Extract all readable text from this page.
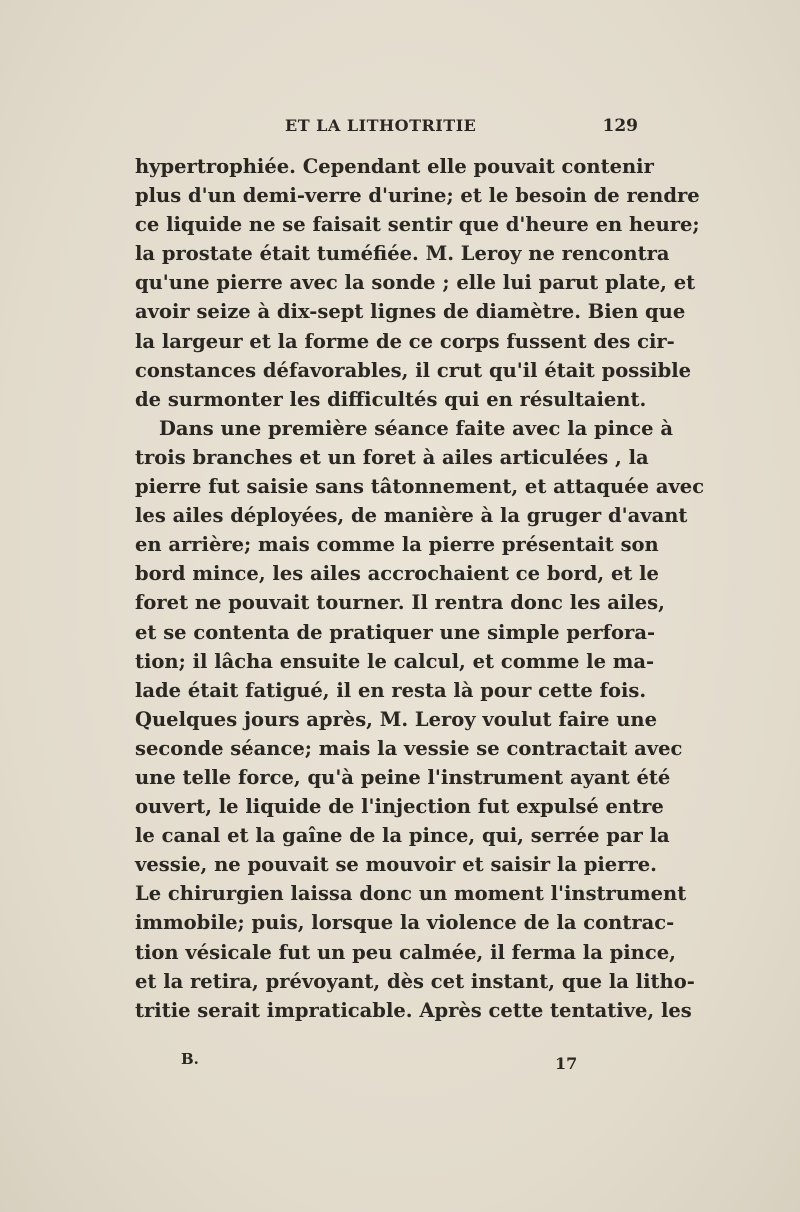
ET LA LITHOTRITIE	129
hypertrophiée. Cependant elle pouvait contenir
plus d'un demi-verre d'urine; et le besoin de rendre
ce liquide ne se faisait sentir que d'heure en heure;
la prostate était tuméfiée. M. Leroy ne rencontra
qu'une pierre avec la sonde ; elle lui parut plate, et
avoir seize à dix-sept lignes de diamètre. Bien que
la largeur et la forme de ce corps fussent des cir-
constances défavorables, il crut qu'il était possible
de surmonter les difficultés qui en résultaient.
Dans une première séance faite avec la pince à
trois branches et un foret à ailes articulées , la
pierre fut saisie sans tâtonnement, et attaquée avec
les ailes déployées, de manière à la gruger d'avant
en arrière; mais comme la pierre présentait son
bord mince, les ailes accrochaient ce bord, et le
foret ne pouvait tourner. Il rentra donc les ailes,
et se contenta de pratiquer une simple perfora-
tion; il lâcha ensuite le calcul, et comme le ma-
lade était fatigué, il en resta là pour cette fois.
Quelques jours après, M. Leroy voulut faire une
seconde séance; mais la vessie se contractait avec
une telle force, qu'à peine l'instrument ayant été
ouvert, le liquide de l'injection fut expulsé entre
le canal et la gaîne de la pince, qui, serrée par la
vessie, ne pouvait se mouvoir et saisir la pierre.
Le chirurgien laissa donc un moment l'instrument
immobile; puis, lorsque la violence de la contrac-
tion vésicale fut un peu calmée, il ferma la pince,
et la retira, prévoyant, dès cet instant, que la litho-
tritie serait impraticable. Après cette tentative, les
B.	17
